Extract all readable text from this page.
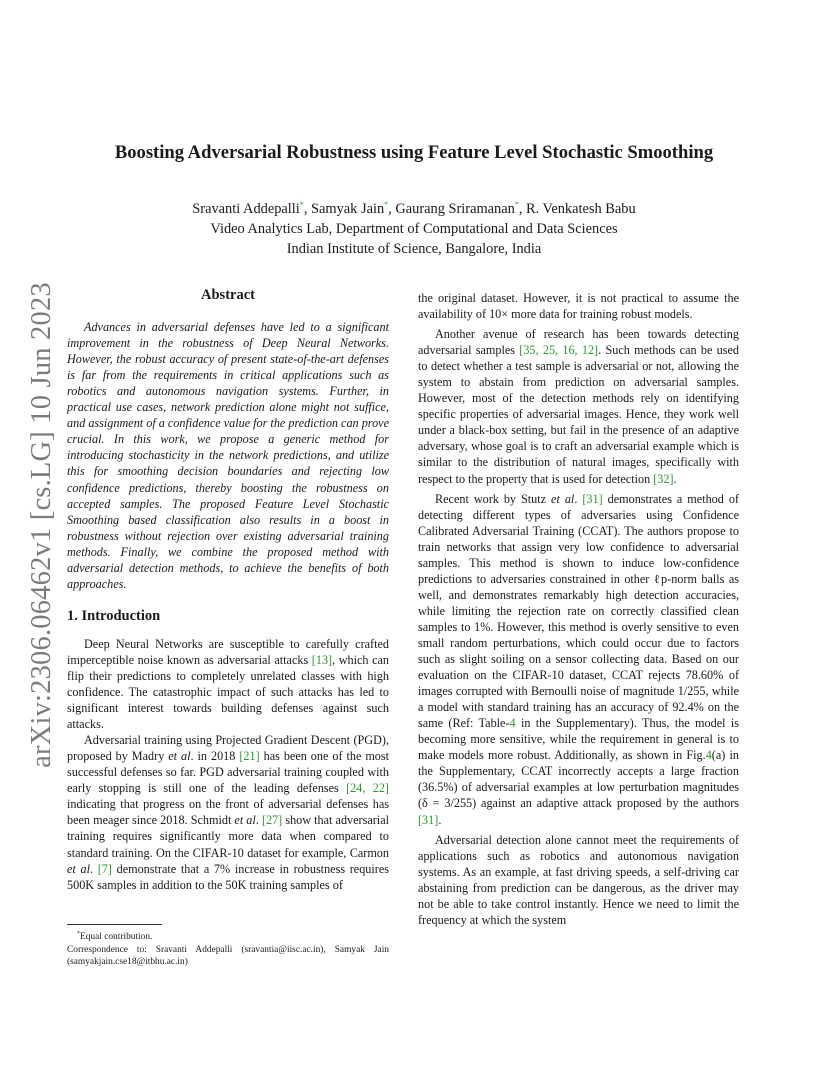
arXiv:2306.06462v1 [cs.LG] 10 Jun 2023
Boosting Adversarial Robustness using Feature Level Stochastic Smoothing
Sravanti Addepalli*, Samyak Jain*, Gaurang Sriramanan*, R. Venkatesh Babu
Video Analytics Lab, Department of Computational and Data Sciences
Indian Institute of Science, Bangalore, India
Abstract

Advances in adversarial defenses have led to a significant improvement in the robustness of Deep Neural Networks. However, the robust accuracy of present state-of-the-art defenses is far from the requirements in critical applications such as robotics and autonomous navigation systems. Further, in practical use cases, network prediction alone might not suffice, and assignment of a confidence value for the prediction can prove crucial. In this work, we propose a generic method for introducing stochasticity in the network predictions, and utilize this for smoothing decision boundaries and rejecting low confidence predictions, thereby boosting the robustness on accepted samples. The proposed Feature Level Stochastic Smoothing based classification also results in a boost in robustness without rejection over existing adversarial training methods. Finally, we combine the proposed method with adversarial detection methods, to achieve the benefits of both approaches.

1. Introduction

Deep Neural Networks are susceptible to carefully crafted imperceptible noise known as adversarial attacks [13], which can flip their predictions to completely unrelated classes with high confidence. The catastrophic impact of such attacks has led to significant interest towards building defenses against such attacks.

Adversarial training using Projected Gradient Descent (PGD), proposed by Madry et al. in 2018 [21] has been one of the most successful defenses so far. PGD adversarial training coupled with early stopping is still one of the leading defenses [24, 22] indicating that progress on the front of adversarial defenses has been meager since 2018. Schmidt et al. [27] show that adversarial training requires significantly more data when compared to standard training. On the CIFAR-10 dataset for example, Carmon et al. [7] demonstrate that a 7% increase in robustness requires 500K samples in addition to the 50K training samples of

*Equal contribution.
Correspondence to: Sravanti Addepalli (sravantia@iisc.ac.in), Samyak Jain (samyakjain.cse18@itbhu.ac.in)

the original dataset. However, it is not practical to assume the availability of 10× more data for training robust models.

Another avenue of research has been towards detecting adversarial samples [35, 25, 16, 12]. Such methods can be used to detect whether a test sample is adversarial or not, allowing the system to abstain from prediction on adversarial samples. However, most of the detection methods rely on identifying specific properties of adversarial images. Hence, they work well under a black-box setting, but fail in the presence of an adaptive adversary, whose goal is to craft an adversarial example which is similar to the distribution of natural images, specifically with respect to the property that is used for detection [32].

Recent work by Stutz et al. [31] demonstrates a method of detecting different types of adversaries using Confidence Calibrated Adversarial Training (CCAT). The authors propose to train networks that assign very low confidence to adversarial samples. This method is shown to induce low-confidence predictions to adversaries constrained in other ℓp-norm balls as well, and demonstrates remarkably high detection accuracies, while limiting the rejection rate on correctly classified clean samples to 1%. However, this method is overly sensitive to even small random perturbations, which could occur due to factors such as slight soiling on a sensor collecting data. Based on our evaluation on the CIFAR-10 dataset, CCAT rejects 78.60% of images corrupted with Bernoulli noise of magnitude 1/255, while a model with standard training has an accuracy of 92.4% on the same (Ref: Table-4 in the Supplementary). Thus, the model is becoming more sensitive, while the requirement in general is to make models more robust. Additionally, as shown in Fig.4(a) in the Supplementary, CCAT incorrectly accepts a large fraction (36.5%) of adversarial examples at low perturbation magnitudes (δ = 3/255) against an adaptive attack proposed by the authors [31].

Adversarial detection alone cannot meet the requirements of applications such as robotics and autonomous navigation systems. As an example, at fast driving speeds, a self-driving car abstaining from prediction can be dangerous, as the driver may not be able to take control instantly. Hence we need to limit the frequency at which the system
